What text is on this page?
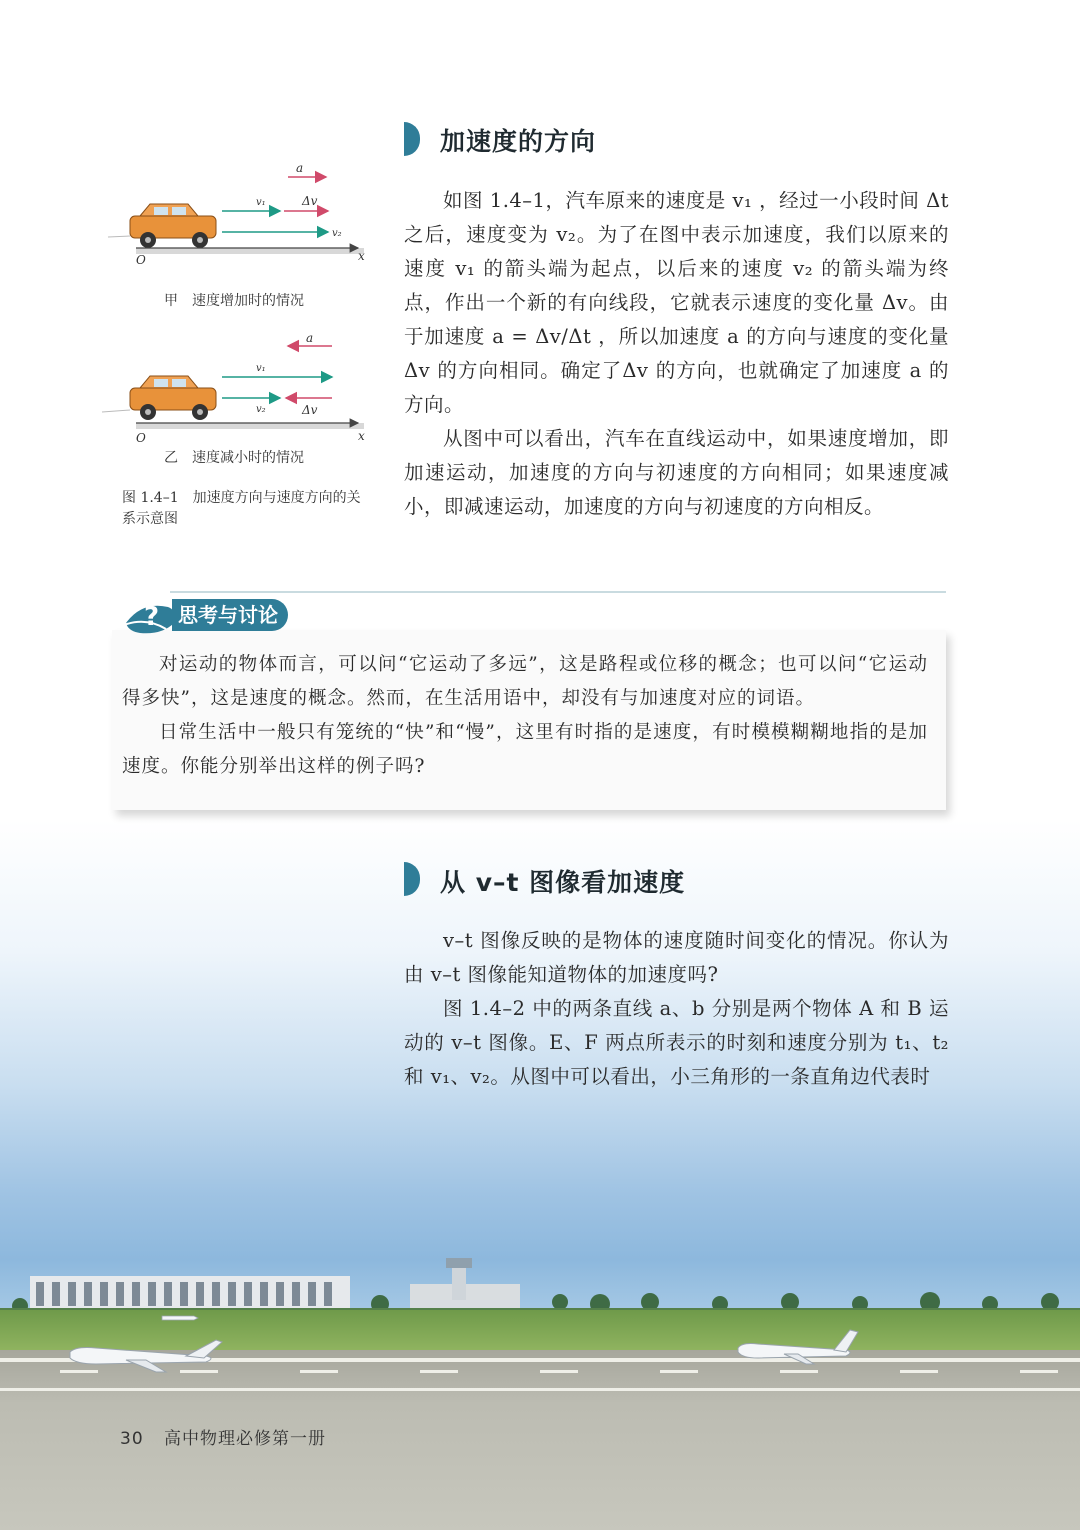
加速度的方向
a
v₁	Δv
v₂
O	x
a
v₁
v₂	Δv
O	x
甲　速度增加时的情况
乙　速度减小时的情况
图 1.4–1　加速度方向与速度方向的关系示意图

如图 1.4–1，汽车原来的速度是 v₁ ，经过一小段时间 Δt 之后，速度变为 v₂。为了在图中表示加速度，我们以原来的速度 v₁ 的箭头端为起点，以后来的速度 v₂ 的箭头端为终点，作出一个新的有向线段，它就表示速度的变化量 Δv。由于加速度 a = Δv/Δt ，所以加速度 a 的方向与速度的变化量 Δv 的方向相同。确定了Δv 的方向，也就确定了加速度 a 的方向。

从图中可以看出，汽车在直线运动中，如果速度增加，即加速运动，加速度的方向与初速度的方向相同；如果速度减小，即减速运动，加速度的方向与初速度的方向相反。

? 思考与讨论

对运动的物体而言，可以问“它运动了多远”，这是路程或位移的概念；也可以问“它运动得多快”，这是速度的概念。然而，在生活用语中，却没有与加速度对应的词语。

日常生活中一般只有笼统的“快”和“慢”，这里有时指的是速度，有时模模糊糊地指的是加速度。你能分别举出这样的例子吗?

从 v–t 图像看加速度

v–t 图像反映的是物体的速度随时间变化的情况。你认为由 v–t 图像能知道物体的加速度吗?

图 1.4–2 中的两条直线 a、b 分别是两个物体 A 和 B 运动的 v–t 图像。E、F 两点所表示的时刻和速度分别为 t₁、t₂ 和 v₁、v₂。从图中可以看出，小三角形的一条直角边代表时

30 高中物理必修第一册
